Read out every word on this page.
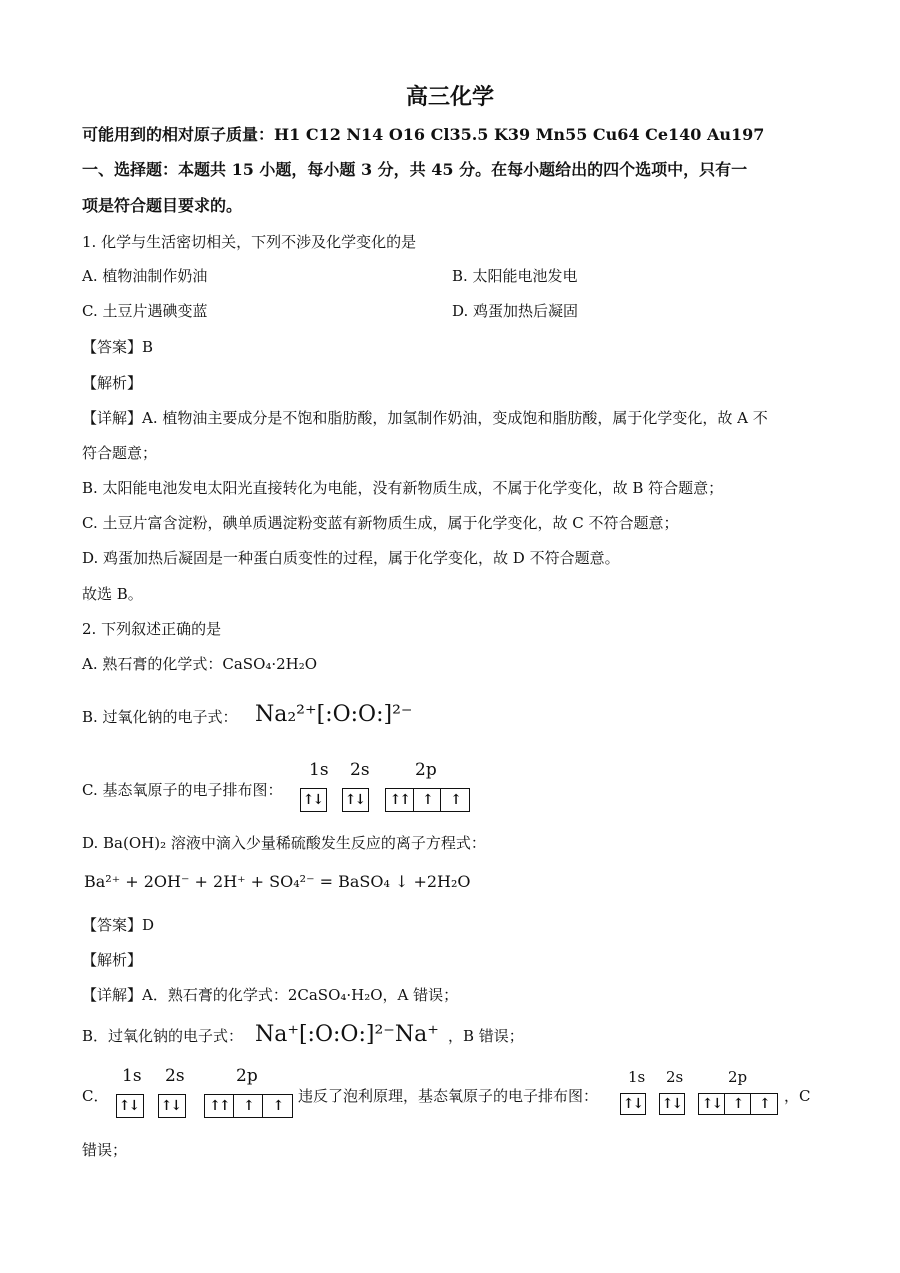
高三化学
可能用到的相对原子质量：H1 C12 N14 O16 Cl35.5 K39 Mn55 Cu64 Ce140 Au197
一、选择题：本题共 15 小题，每小题 3 分，共 45 分。在每小题给出的四个选项中，只有一
项是符合题目要求的。
1. 化学与生活密切相关，下列不涉及化学变化的是
A. 植物油制作奶油	B. 太阳能电池发电
C. 土豆片遇碘变蓝	D. 鸡蛋加热后凝固
【答案】B
【解析】
【详解】A. 植物油主要成分是不饱和脂肪酸，加氢制作奶油，变成饱和脂肪酸，属于化学变化，故 A 不
符合题意；
B. 太阳能电池发电太阳光直接转化为电能，没有新物质生成，不属于化学变化，故 B 符合题意；
C. 土豆片富含淀粉，碘单质遇淀粉变蓝有新物质生成，属于化学变化，故 C 不符合题意；
D. 鸡蛋加热后凝固是一种蛋白质变性的过程，属于化学变化，故 D 不符合题意。
故选 B。
2. 下列叙述正确的是
A. 熟石膏的化学式：CaSO₄·2H₂O
B. 过氧化钠的电子式： Na₂²⁺[:O:O:]²⁻
C. 基态氧原子的电子排布图：
1s 2s	2p
↑↓ ↑↓ ↑↑ ↑	↑
D. Ba(OH)₂ 溶液中滴入少量稀硫酸发生反应的离子方程式：
Ba²⁺ + 2OH⁻ + 2H⁺ + SO₄²⁻ = BaSO₄ ↓ +2H₂O
【答案】D
【解析】
【详解】A．熟石膏的化学式：2CaSO₄·H₂O，A 错误；
B．过氧化钠的电子式： Na⁺[:O:O:]²⁻Na⁺ ，B 错误；
C．
1s 2s	2p
↑↓ ↑↓	↑↑	↑	↑
违反了泡利原理，基态氧原子的电子排布图：
1s 2s	2p
↑↓ ↑↓ ↑↓ ↑	↑	，C
错误；
